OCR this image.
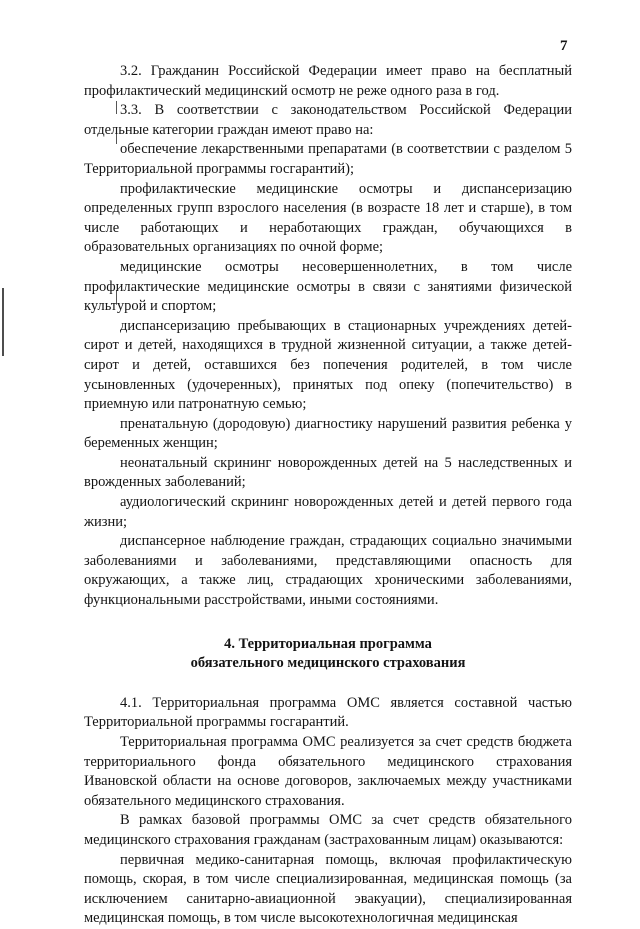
7

3.2. Гражданин Российской Федерации имеет право на бесплатный профилактический медицинский осмотр не реже одного раза в год.

3.3. В соответствии с законодательством Российской Федерации отдельные категории граждан имеют право на:

обеспечение лекарственными препаратами (в соответствии с разделом 5 Территориальной программы госгарантий);

профилактические медицинские осмотры и диспансеризацию определенных групп взрослого населения (в возрасте 18 лет и старше), в том числе работающих и неработающих граждан, обучающихся в образовательных организациях по очной форме;

медицинские осмотры несовершеннолетних, в том числе профилактические медицинские осмотры в связи с занятиями физической культурой и спортом;

диспансеризацию пребывающих в стационарных учреждениях детей-сирот и детей, находящихся в трудной жизненной ситуации, а также детей-сирот и детей, оставшихся без попечения родителей, в том числе усыновленных (удочеренных), принятых под опеку (попечительство) в приемную или патронатную семью;

пренатальную (дородовую) диагностику нарушений развития ребенка у беременных женщин;

неонатальный скрининг новорожденных детей на 5 наследственных и врожденных заболеваний;

аудиологический скрининг новорожденных детей и детей первого года жизни;

диспансерное наблюдение граждан, страдающих социально значимыми заболеваниями и заболеваниями, представляющими опасность для окружающих, а также лиц, страдающих хроническими заболеваниями, функциональными расстройствами, иными состояниями.

4. Территориальная программа
обязательного медицинского страхования

4.1. Территориальная программа ОМС является составной частью Территориальной программы госгарантий.

Территориальная программа ОМС реализуется за счет средств бюджета территориального фонда обязательного медицинского страхования Ивановской области на основе договоров, заключаемых между участниками обязательного медицинского страхования.

В рамках базовой программы ОМС за счет средств обязательного медицинского страхования гражданам (застрахованным лицам) оказываются:

первичная медико-санитарная помощь, включая профилактическую помощь, скорая, в том числе специализированная, медицинская помощь (за исключением санитарно-авиационной эвакуации), специализированная медицинская помощь, в том числе высокотехнологичная медицинская
